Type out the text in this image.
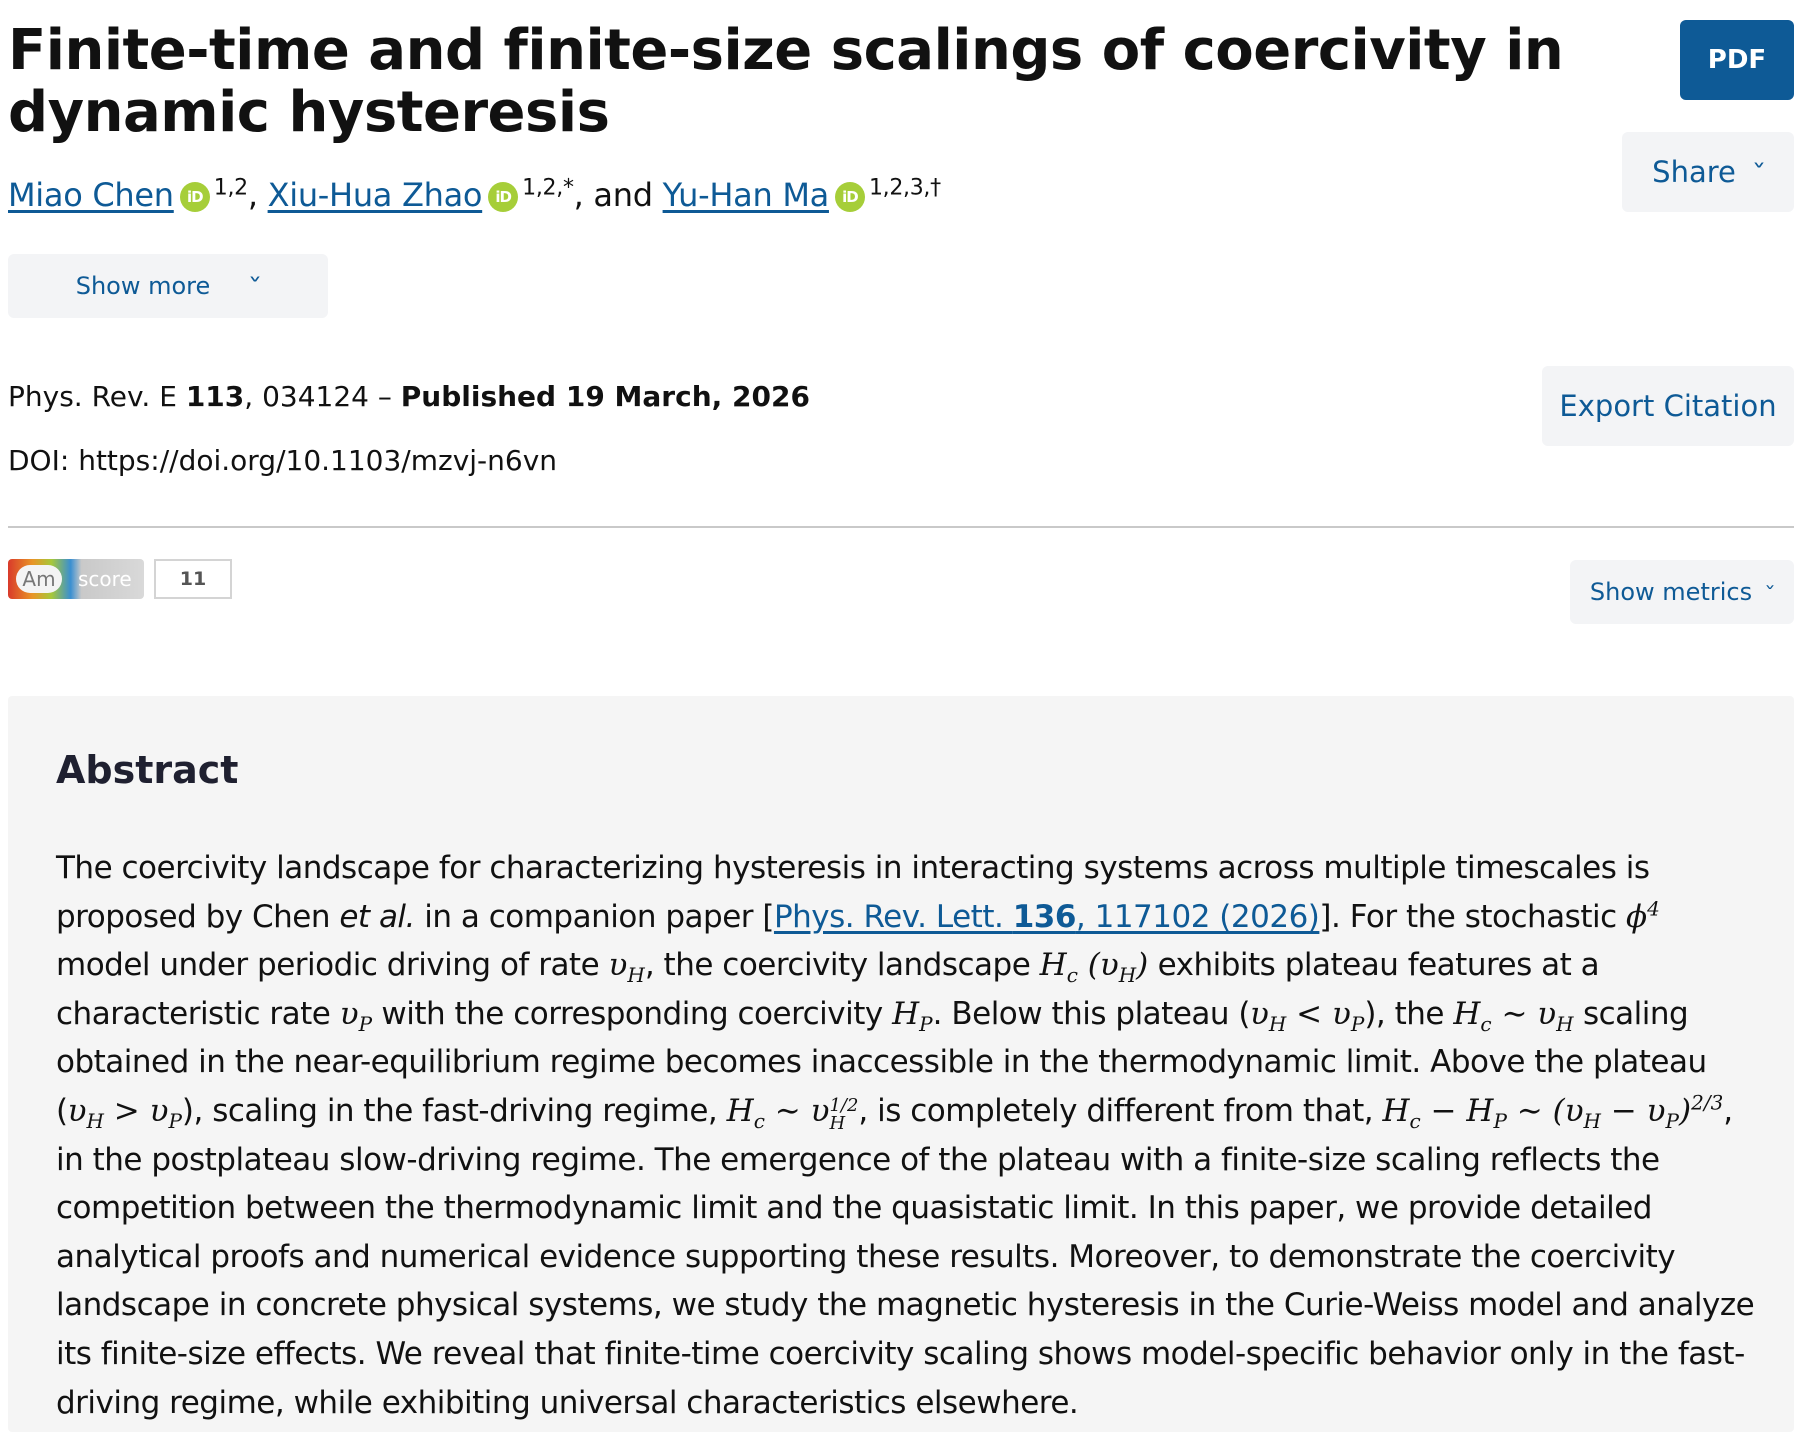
Finite-time and finite-size scalings of coercivity in dynamic hysteresis
PDF
Share ˅
Miao Chen iD $^{1,2}$, Xiu-Hua Zhao iD $^{1,2,*}$, and Yu-Han Ma iD $^{1,2,3,\dagger}$
Show more ˅
Phys. Rev. E 113, 034124 – Published 19 March, 2026
DOI: https://doi.org/10.1103/mzvj-n6vn
Export Citation
Am	score	11	Show metrics ˅
Abstract
The coercivity landscape for characterizing hysteresis in interacting systems across multiple timescales is proposed by Chen et al. in a companion paper [Phys. Rev. Lett. 136, 117102 (2026)]. For the stochastic $\phi^4$ model under periodic driving of rate $\upsilon_H$, the coercivity landscape $H_c$ $(\upsilon_H)$ exhibits plateau features at a characteristic rate $\upsilon_P$ with the corresponding coercivity $H_P$. Below this plateau $(\upsilon_H < \upsilon_P)$, the $H_c$ ∼ $\upsilon_H$ scaling obtained in the near-equilibrium regime becomes inaccessible in the thermodynamic limit. Above the plateau $(\upsilon_H > \upsilon_P)$, scaling in the fast-driving regime, $H_c$ ∼ υ 1/2
H , is completely different from that, $H_c - H_P$ ∼ $(\upsilon_H - \upsilon_P)^{2/3}$, in the postplateau slow-driving regime. The emergence of the plateau with a finite-size scaling reflects the competition between the thermodynamic limit and the quasistatic limit. In this paper, we provide detailed analytical proofs and numerical evidence supporting these results. Moreover, to demonstrate the coercivity landscape in concrete physical systems, we study the magnetic hysteresis in the Curie-Weiss model and analyze its finite-size effects. We reveal that finite-time coercivity scaling shows model-specific behavior only in the fast-driving regime, while exhibiting universal characteristics elsewhere.
